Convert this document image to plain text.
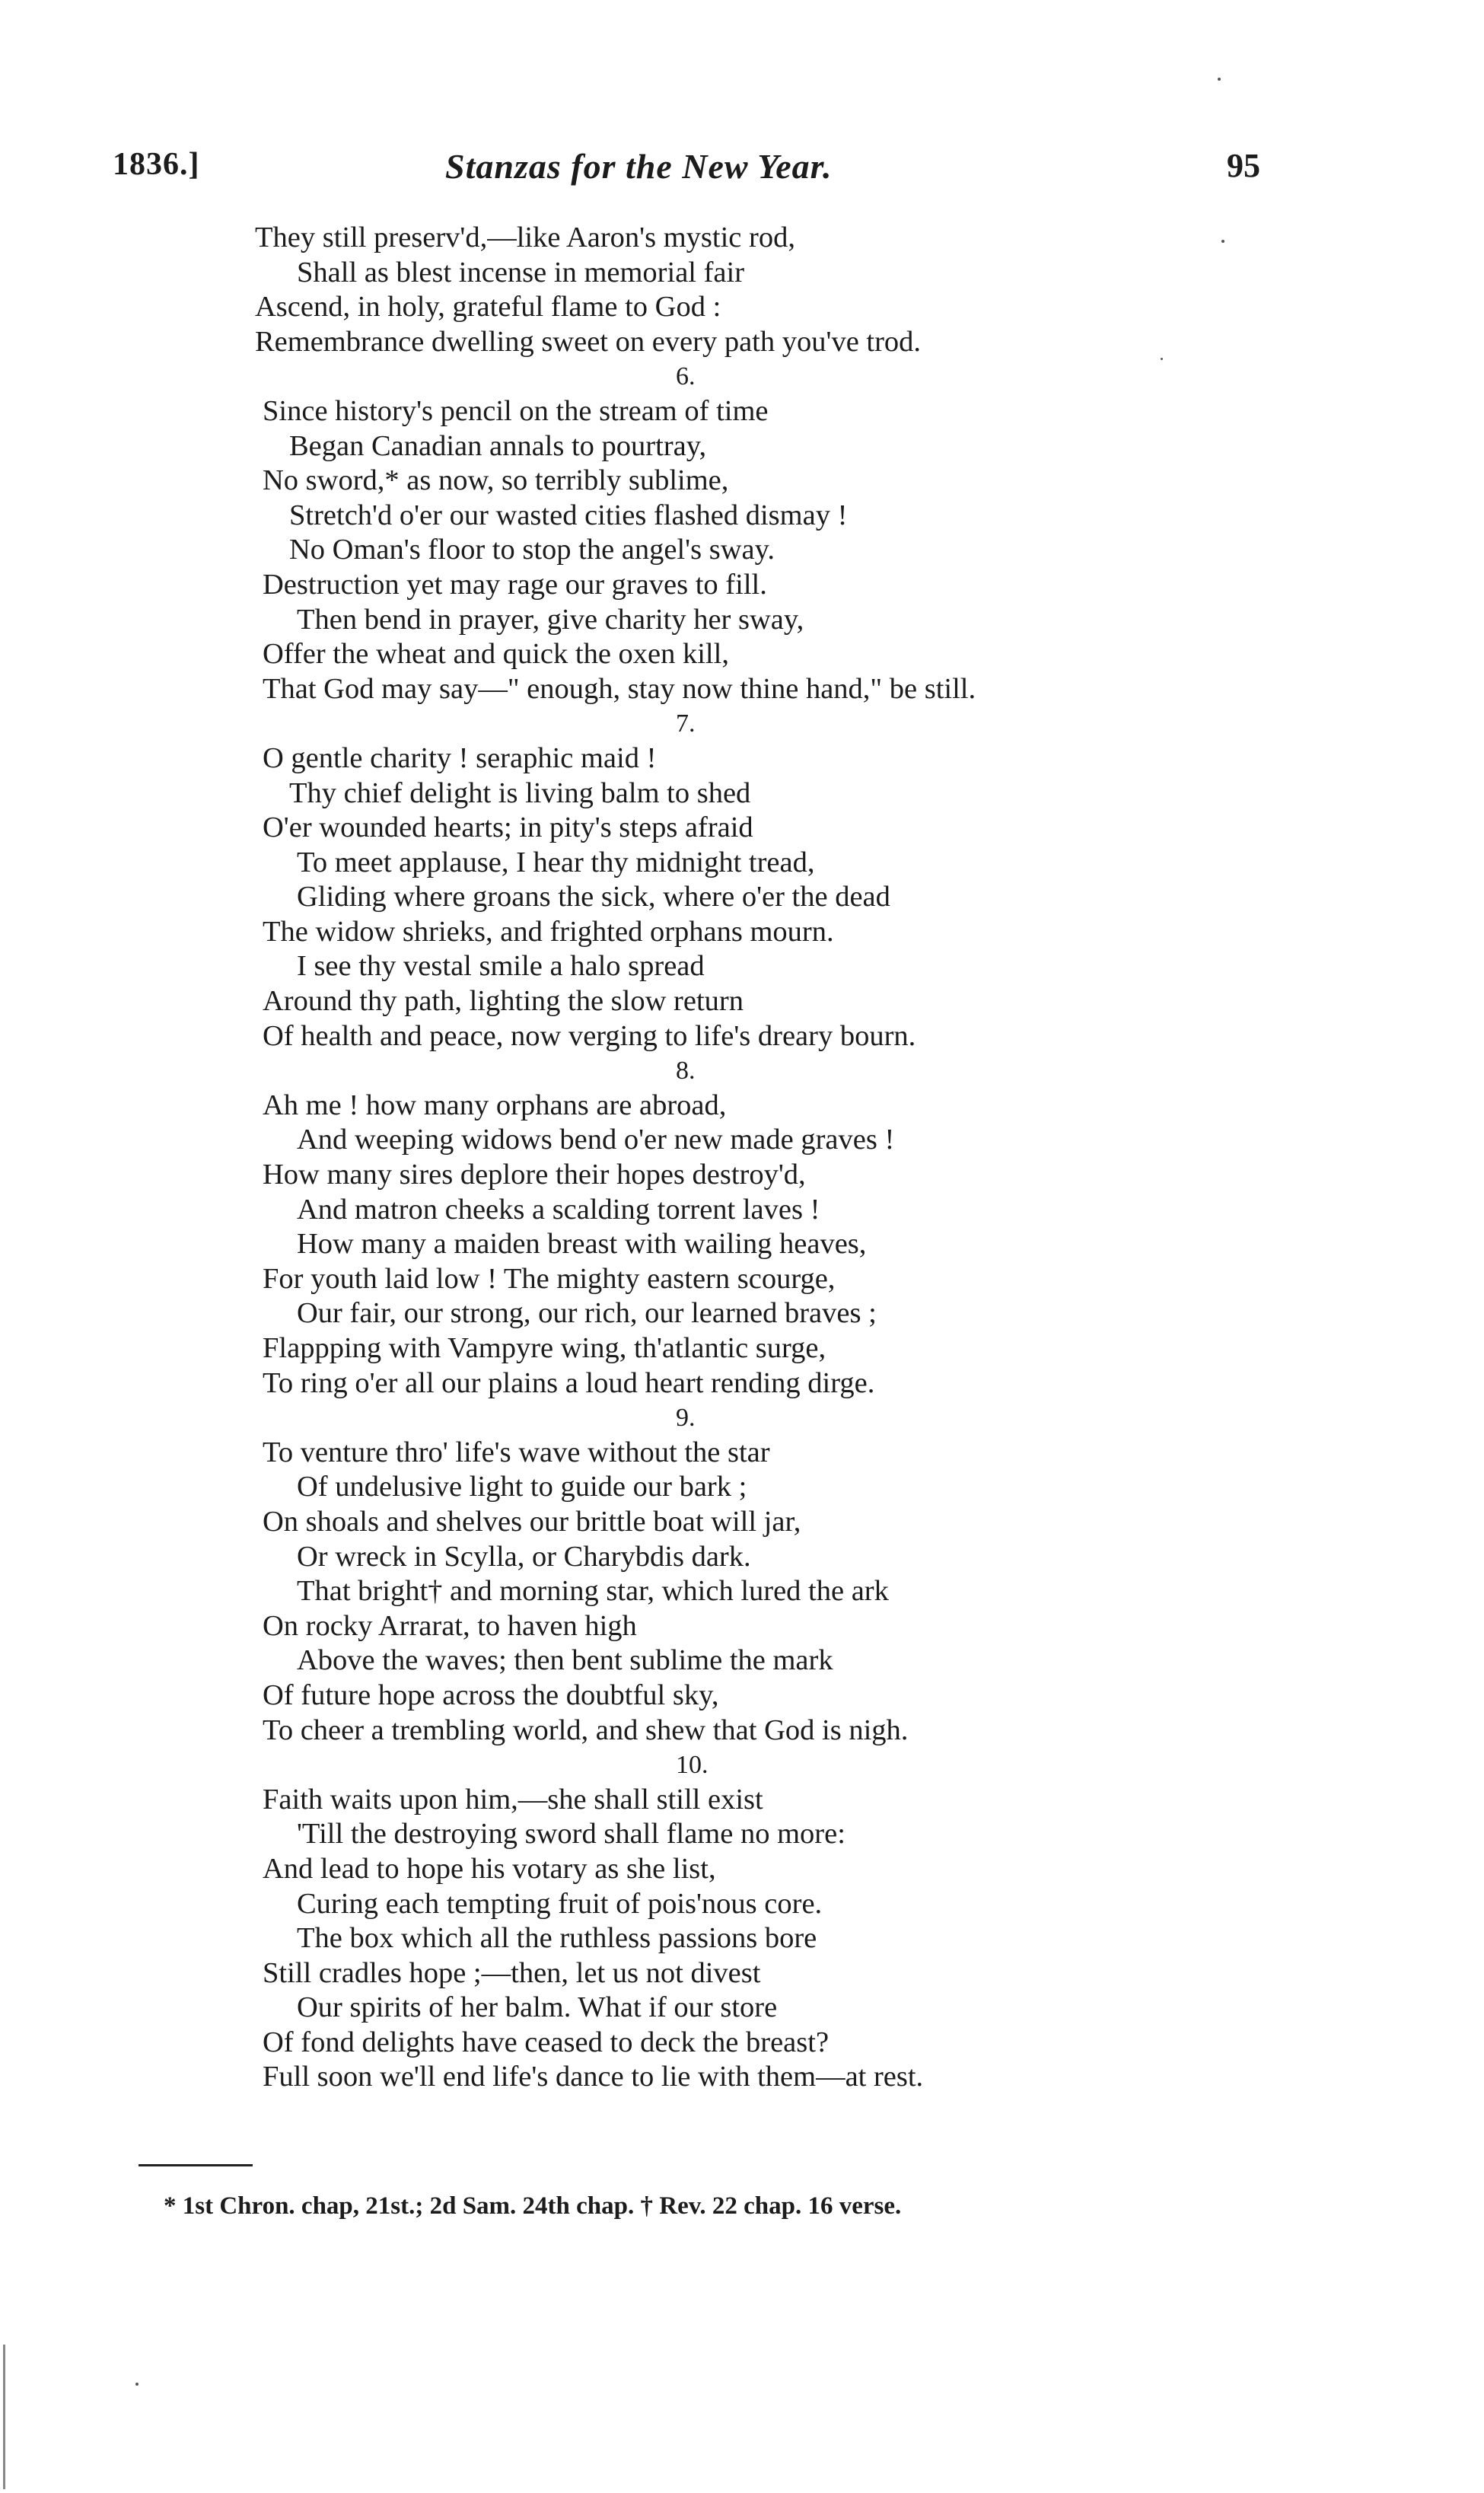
1836.]	Stanzas for the New Year.	95
They still preserv'd,—like Aaron's mystic rod,
Shall as blest incense in memorial fair
Ascend, in holy, grateful flame to God :
Remembrance dwelling sweet on every path you've trod.
6.
Since history's pencil on the stream of time
Began Canadian annals to pourtray,
No sword,* as now, so terribly sublime,
Stretch'd o'er our wasted cities flashed dismay !
No Oman's floor to stop the angel's sway.
Destruction yet may rage our graves to fill.
Then bend in prayer, give charity her sway,
Offer the wheat and quick the oxen kill,
That God may say—" enough, stay now thine hand," be still.
7.
O gentle charity ! seraphic maid !
Thy chief delight is living balm to shed
O'er wounded hearts; in pity's steps afraid
To meet applause, I hear thy midnight tread,
Gliding where groans the sick, where o'er the dead
The widow shrieks, and frighted orphans mourn.
I see thy vestal smile a halo spread
Around thy path, lighting the slow return
Of health and peace, now verging to life's dreary bourn.
8.
Ah me ! how many orphans are abroad,
And weeping widows bend o'er new made graves !
How many sires deplore their hopes destroy'd,
And matron cheeks a scalding torrent laves !
How many a maiden breast with wailing heaves,
For youth laid low ! The mighty eastern scourge,
Our fair, our strong, our rich, our learned braves ;
Flappping with Vampyre wing, th'atlantic surge,
To ring o'er all our plains a loud heart rending dirge.
9.
To venture thro' life's wave without the star
Of undelusive light to guide our bark ;
On shoals and shelves our brittle boat will jar,
Or wreck in Scylla, or Charybdis dark.
That bright† and morning star, which lured the ark
On rocky Arrarat, to haven high
Above the waves; then bent sublime the mark
Of future hope across the doubtful sky,
To cheer a trembling world, and shew that God is nigh.
10.
Faith waits upon him,—she shall still exist
'Till the destroying sword shall flame no more:
And lead to hope his votary as she list,
Curing each tempting fruit of pois'nous core.
The box which all the ruthless passions bore
Still cradles hope ;—then, let us not divest
Our spirits of her balm. What if our store
Of fond delights have ceased to deck the breast?
Full soon we'll end life's dance to lie with them—at rest.
* 1st Chron. chap, 21st.; 2d Sam. 24th chap. † Rev. 22 chap. 16 verse.
